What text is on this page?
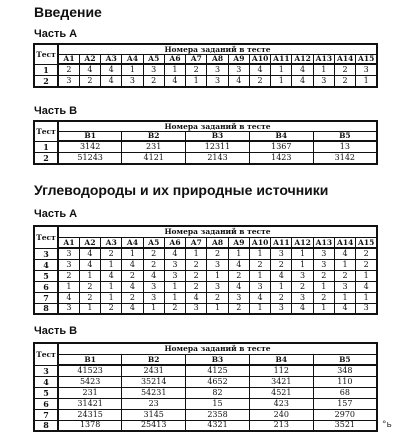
Введение
Часть А
Тест	Номера заданий в тесте														
	А1	А2	А3	А4	А5	А6	А7	А8	А9	А10	А11	А12	А13	А14	А15
1	2	4	4	1	3	1	2	3	3	4	1	4	1	2	3
2	3	2	4	3	2	4	1	3	4	2	1	4	3	2	1
Часть В
Тест	Номера заданий в тесте				
	В1	В2	В3	В4	В5
1	3142	231	12311	1367	13
2	51243	4121	2143	1423	3142
Углеводороды и их природные источники
Часть А
Тест	Номера заданий в тесте														
	А1	А2	А3	А4	А5	А6	А7	А8	А9	А10	А11	А12	А13	А14	А15
3	3	4	2	1	2	4	1	2	1	1	3	1	3	4	2
4	3	4	1	4	2	3	2	3	4	2	2	1	3	1	2
5	2	1	4	2	4	3	2	1	2	1	4	3	2	2	1
6	1	2	1	4	3	1	2	3	4	3	1	2	1	3	4
7	4	2	1	2	3	1	4	2	3	4	2	3	2	1	1
8	3	1	2	4	1	2	3	1	2	1	3	4	1	4	3
Часть В
Тест	Номера заданий в тесте				
	В1	В2	В3	В4	В5
3	41523	2431	4125	112	348
4	5423	35214	4652	3421	110
5	231	54231	82	4521	68
6	31421	23	15	423	157
7	24315	3145	2358	240	2970
8	1378	25413	4321	213	3521	°ь
